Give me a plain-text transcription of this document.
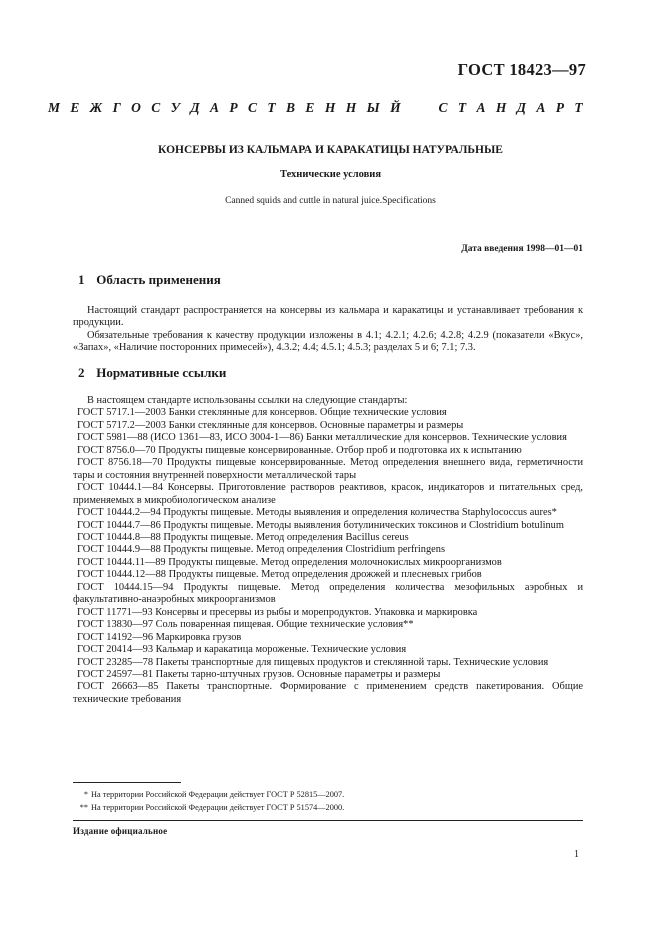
ГОСТ 18423—97
М Е Ж Г О С У Д А Р С Т В Е Н Н Ы Й

	С Т А Н Д А Р Т
КОНСЕРВЫ ИЗ КАЛЬМАРА И КАРАКАТИЦЫ НАТУРАЛЬНЫЕ
Технические условия
Canned squids and cuttle in natural juice.Specifications
Дата введения 1998—01—01
1 Область применения

Настоящий стандарт распространяется на консервы из кальмара и каракатицы и устанавливает требования к продукции.

Обязательные требования к качеству продукции изложены в 4.1; 4.2.1; 4.2.6; 4.2.8; 4.2.9 (показатели «Вкус», «Запах», «Наличие посторонних примесей»), 4.3.2; 4.4; 4.5.1; 4.5.3; разделах 5 и 6; 7.1; 7.3.

2 Нормативные ссылки

В настоящем стандарте использованы ссылки на следующие стандарты:

ГОСТ 5717.1—2003 Банки стеклянные для консервов. Общие технические условия

ГОСТ 5717.2—2003 Банки стеклянные для консервов. Основные параметры и размеры

ГОСТ 5981—88 (ИСО 1361—83, ИСО 3004-1—86) Банки металлические для консервов. Технические условия

ГОСТ 8756.0—70 Продукты пищевые консервированные. Отбор проб и подготовка их к испытанию

ГОСТ 8756.18—70 Продукты пищевые консервированные. Метод определения внешнего вида, герметичности тары и состояния внутренней поверхности металлической тары

ГОСТ 10444.1—84 Консервы. Приготовление растворов реактивов, красок, индикаторов и питательных сред, применяемых в микробиологическом анализе

ГОСТ 10444.2—94 Продукты пищевые. Методы выявления и определения количества Staphylococcus aures*

ГОСТ 10444.7—86 Продукты пищевые. Методы выявления ботулинических токсинов и Clostridium botulinum

ГОСТ 10444.8—88 Продукты пищевые. Метод определения Bacillus cereus

ГОСТ 10444.9—88 Продукты пищевые. Метод определения Clostridium perfringens

ГОСТ 10444.11—89 Продукты пищевые. Метод определения молочнокислых микроорганизмов

ГОСТ 10444.12—88 Продукты пищевые. Метод определения дрожжей и плесневых грибов

ГОСТ 10444.15—94 Продукты пищевые. Метод определения количества мезофильных аэробных и факультативно-анаэробных микроорганизмов

ГОСТ 11771—93 Консервы и пресервы из рыбы и морепродуктов. Упаковка и маркировка

ГОСТ 13830—97 Соль поваренная пищевая. Общие технические условия**

ГОСТ 14192—96 Маркировка грузов

ГОСТ 20414—93 Кальмар и каракатица мороженые. Технические условия

ГОСТ 23285—78 Пакеты транспортные для пищевых продуктов и стеклянной тары. Технические условия

ГОСТ 24597—81 Пакеты тарно-штучных грузов. Основные параметры и размеры

ГОСТ 26663—85 Пакеты транспортные. Формирование с применением средств пакетирования. Общие технические требования

* На территории Российской Федерации действует ГОСТ Р 52815—2007.
** На территории Российской Федерации действует ГОСТ Р 51574—2000.
Издание официальное
1
